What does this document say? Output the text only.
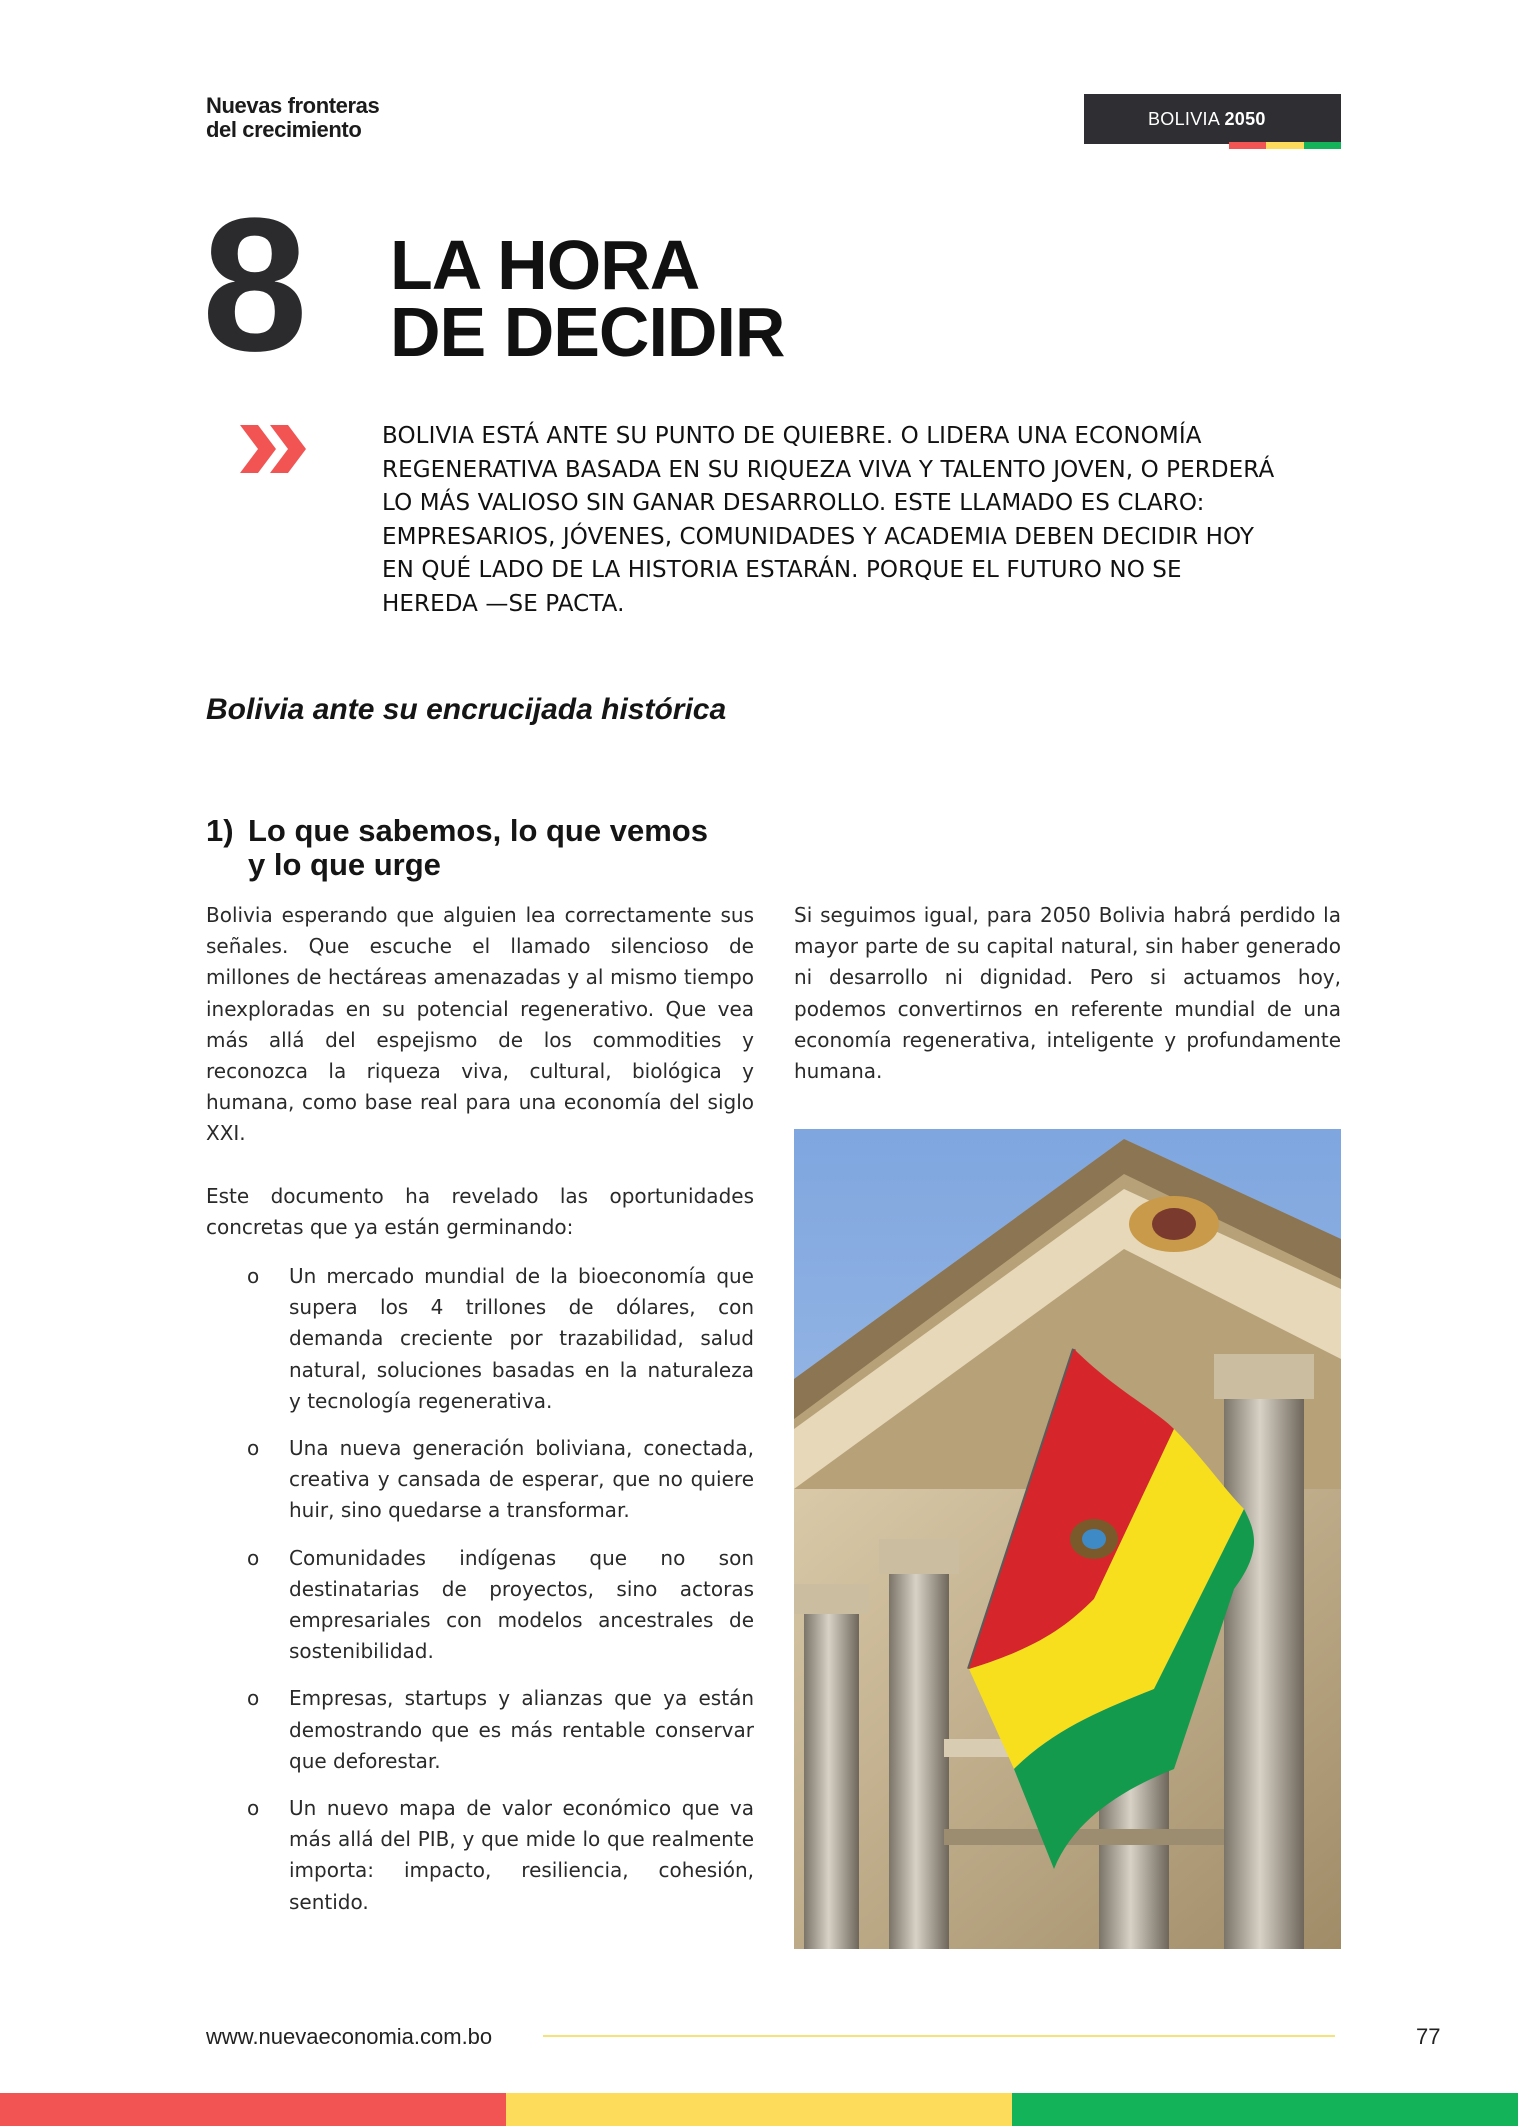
Nuevas fronteras
del crecimiento	BOLIVIA 2050
8 LA HORA
DE DECIDIR

BOLIVIA ESTÁ ANTE SU PUNTO DE QUIEBRE. O LIDERA UNA ECONOMÍA REGENERATIVA BASADA EN SU RIQUEZA VIVA Y TALENTO JOVEN, O PERDERÁ LO MÁS VALIOSO SIN GANAR DESARROLLO. ESTE LLAMADO ES CLARO: EMPRESARIOS, JÓVENES, COMUNIDADES Y ACADEMIA DEBEN DECIDIR HOY EN QUÉ LADO DE LA HISTORIA ESTARÁN. PORQUE EL FUTURO NO SE HEREDA —SE PACTA.

Bolivia ante su encrucijada histórica
1) Lo que sabemos, lo que vemos
y lo que urge

Bolivia esperando que alguien lea correctamente sus señales. Que escuche el llamado silencioso de millones de hectáreas amenazadas y al mismo tiempo inexploradas en su potencial regenerativo. Que vea más allá del espejismo de los commodities y reconozca la riqueza viva, cultural, biológica y humana, como base real para una economía del siglo XXI.

Este documento ha revelado las oportunidades concretas que ya están germinando:

o Un mercado mundial de la bioeconomía que supera los 4 trillones de dólares, con demanda creciente por trazabilidad, salud natural, soluciones basadas en la naturaleza y tecnología regenerativa.
o Una nueva generación boliviana, conectada, creativa y cansada de esperar, que no quiere huir, sino quedarse a transformar.
o Comunidades indígenas que no son destinatarias de proyectos, sino actoras empresariales con modelos ancestrales de sostenibilidad.
o Empresas, startups y alianzas que ya están demostrando que es más rentable conservar que deforestar.
o Un nuevo mapa de valor económico que va más allá del PIB, y que mide lo que realmente importa: impacto, resiliencia, cohesión, sentido.

Si seguimos igual, para 2050 Bolivia habrá perdido la mayor parte de su capital natural, sin haber generado ni desarrollo ni dignidad. Pero si actuamos hoy, podemos convertirnos en referente mundial de una economía regenerativa, inteligente y profundamente humana.

www.nuevaeconomia.com.bo	77
